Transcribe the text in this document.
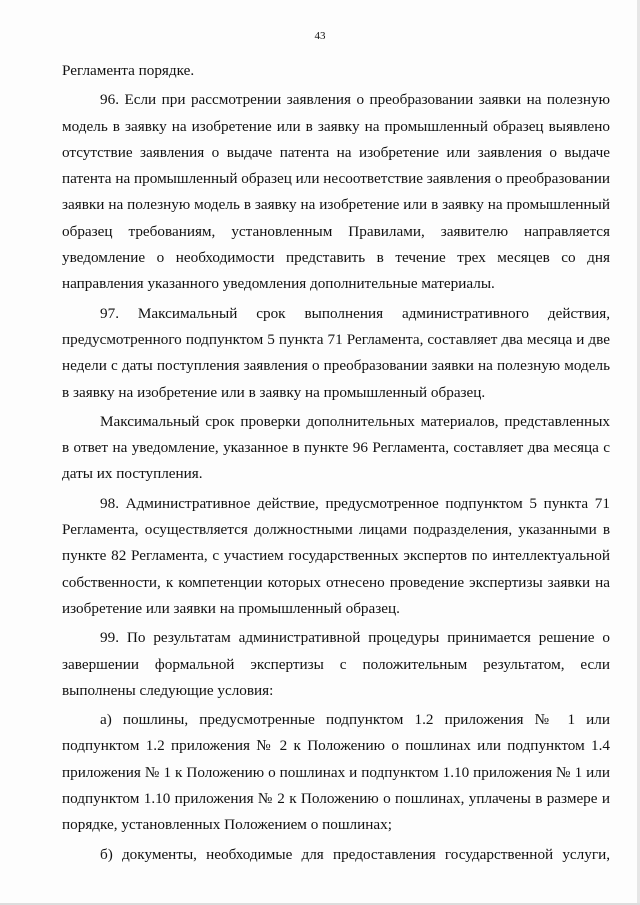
43

Регламента порядке.

96. Если при рассмотрении заявления о преобразовании заявки на полезную модель в заявку на изобретение или в заявку на промышленный образец выявлено отсутствие заявления о выдаче патента на изобретение или заявления о выдаче патента на промышленный образец или несоответствие заявления о преобразовании заявки на полезную модель в заявку на изобретение или в заявку на промышленный образец требованиям, установленным Правилами, заявителю направляется уведомление о необходимости представить в течение трех месяцев со дня направления указанного уведомления дополнительные материалы.

97. Максимальный срок выполнения административного действия, предусмотренного подпунктом 5 пункта 71 Регламента, составляет два месяца и две недели с даты поступления заявления о преобразовании заявки на полезную модель в заявку на изобретение или в заявку на промышленный образец.

Максимальный срок проверки дополнительных материалов, представленных в ответ на уведомление, указанное в пункте 96 Регламента, составляет два месяца с даты их поступления.

98. Административное действие, предусмотренное подпунктом 5 пункта 71 Регламента, осуществляется должностными лицами подразделения, указанными в пункте 82 Регламента, с участием государственных экспертов по интеллектуальной собственности, к компетенции которых отнесено проведение экспертизы заявки на изобретение или заявки на промышленный образец.

99. По результатам административной процедуры принимается решение о завершении формальной экспертизы с положительным результатом, если выполнены следующие условия:

а) пошлины, предусмотренные подпунктом 1.2 приложения № 1 или подпунктом 1.2 приложения № 2 к Положению о пошлинах или подпунктом 1.4 приложения № 1 к Положению о пошлинах и подпунктом 1.10 приложения № 1 или подпунктом 1.10 приложения № 2 к Положению о пошлинах, уплачены в размере и порядке, установленных Положением о пошлинах;

б) документы, необходимые для предоставления государственной услуги,
